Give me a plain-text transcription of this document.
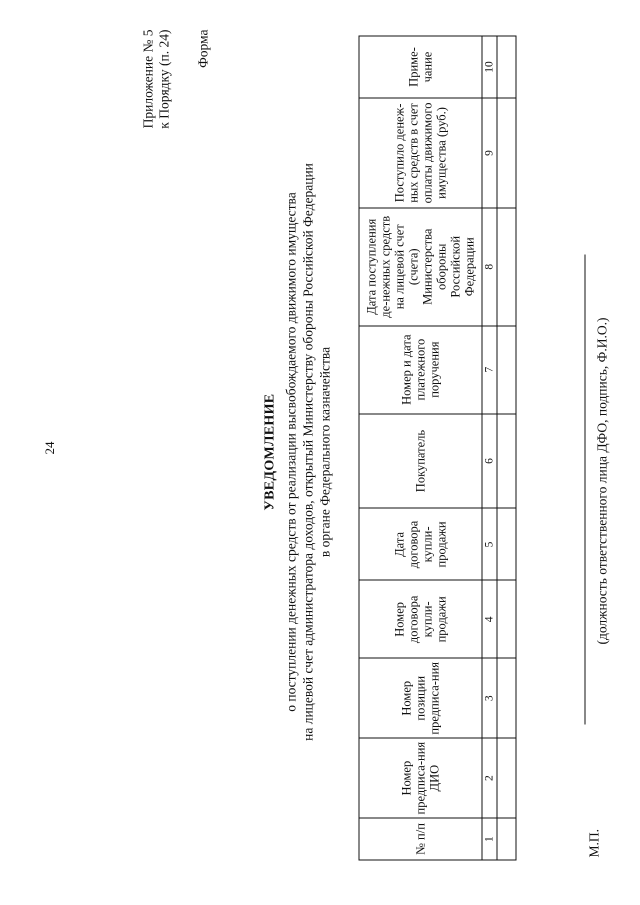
24
Приложение № 5 к Порядку (п. 24) Форма
УВЕДОМЛЕНИЕ о поступлении денежных средств от реализации высвобождаемого движимого имущества на лицевой счет администратора доходов, открытый Министерству обороны Российской Федерации в органе Федерального казначейства
№ п/п	Номер предписа-ния ДИО	Номер позиции предписа-ния	Номер договора купли-продажи	Дата договора купли-продажи	Покупатель	Номер и дата платежного поручения	Дата поступления де-нежных средств на лицевой счет (счета) Министерства обороны Российской Федерации	Поступило денеж-ных средств в счет оплаты движимого имущества (руб.)	Приме-чание
1	2	3	4	5	6	7	8	9	10

М.П.
(должность ответственного лица ДФО, подпись, Ф.И.О.)
